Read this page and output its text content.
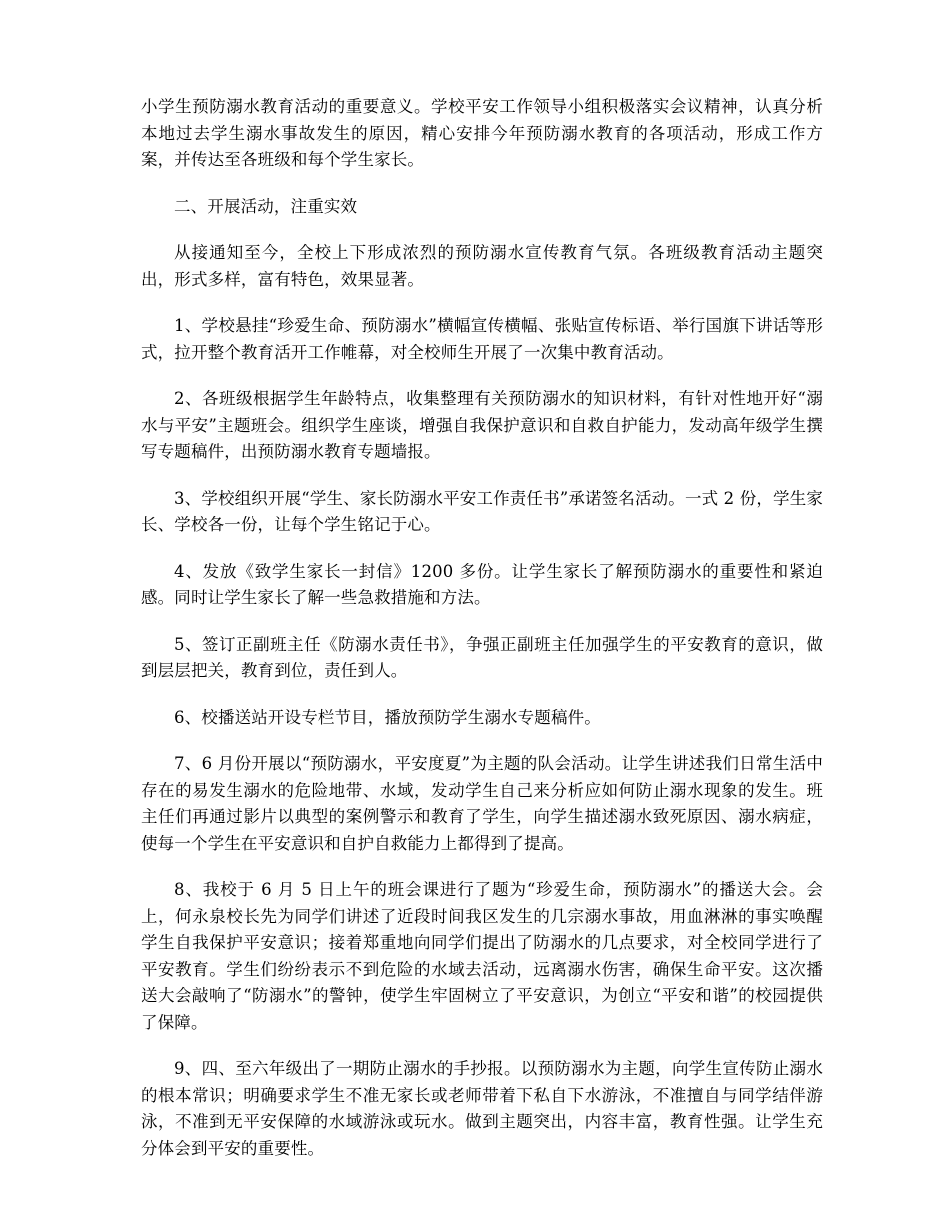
小学生预防溺水教育活动的重要意义。学校平安工作领导小组积极落实会议精神，认真分析本地过去学生溺水事故发生的原因，精心安排今年预防溺水教育的各项活动，形成工作方案，并传达至各班级和每个学生家长。

二、开展活动，注重实效

从接通知至今，全校上下形成浓烈的预防溺水宣传教育气氛。各班级教育活动主题突出，形式多样，富有特色，效果显著。

1、学校悬挂“珍爱生命、预防溺水”横幅宣传横幅、张贴宣传标语、举行国旗下讲话等形式，拉开整个教育活开工作帷幕，对全校师生开展了一次集中教育活动。

2、各班级根据学生年龄特点，收集整理有关预防溺水的知识材料，有针对性地开好“溺水与平安”主题班会。组织学生座谈，增强自我保护意识和自救自护能力，发动高年级学生撰写专题稿件，出预防溺水教育专题墙报。

3、学校组织开展“学生、家长防溺水平安工作责任书”承诺签名活动。一式 2 份，学生家长、学校各一份，让每个学生铭记于心。

4、发放《致学生家长一封信》1200 多份。让学生家长了解预防溺水的重要性和紧迫感。同时让学生家长了解一些急救措施和方法。

5、签订正副班主任《防溺水责任书》，争强正副班主任加强学生的平安教育的意识，做到层层把关，教育到位，责任到人。

6、校播送站开设专栏节目，播放预防学生溺水专题稿件。

7、6 月份开展以“预防溺水，平安度夏”为主题的队会活动。让学生讲述我们日常生活中存在的易发生溺水的危险地带、水域，发动学生自己来分析应如何防止溺水现象的发生。班主任们再通过影片以典型的案例警示和教育了学生，向学生描述溺水致死原因、溺水病症，使每一个学生在平安意识和自护自救能力上都得到了提高。

8、我校于 6 月 5 日上午的班会课进行了题为“珍爱生命，预防溺水”的播送大会。会上，何永泉校长先为同学们讲述了近段时间我区发生的几宗溺水事故，用血淋淋的事实唤醒学生自我保护平安意识；接着郑重地向同学们提出了防溺水的几点要求，对全校同学进行了平安教育。学生们纷纷表示不到危险的水域去活动，远离溺水伤害，确保生命平安。这次播送大会敲响了“防溺水”的警钟，使学生牢固树立了平安意识，为创立“平安和谐”的校园提供了保障。

9、四、至六年级出了一期防止溺水的手抄报。以预防溺水为主题，向学生宣传防止溺水的根本常识；明确要求学生不准无家长或老师带着下私自下水游泳，不准擅自与同学结伴游泳，不准到无平安保障的水域游泳或玩水。做到主题突出，内容丰富，教育性强。让学生充分体会到平安的重要性。
